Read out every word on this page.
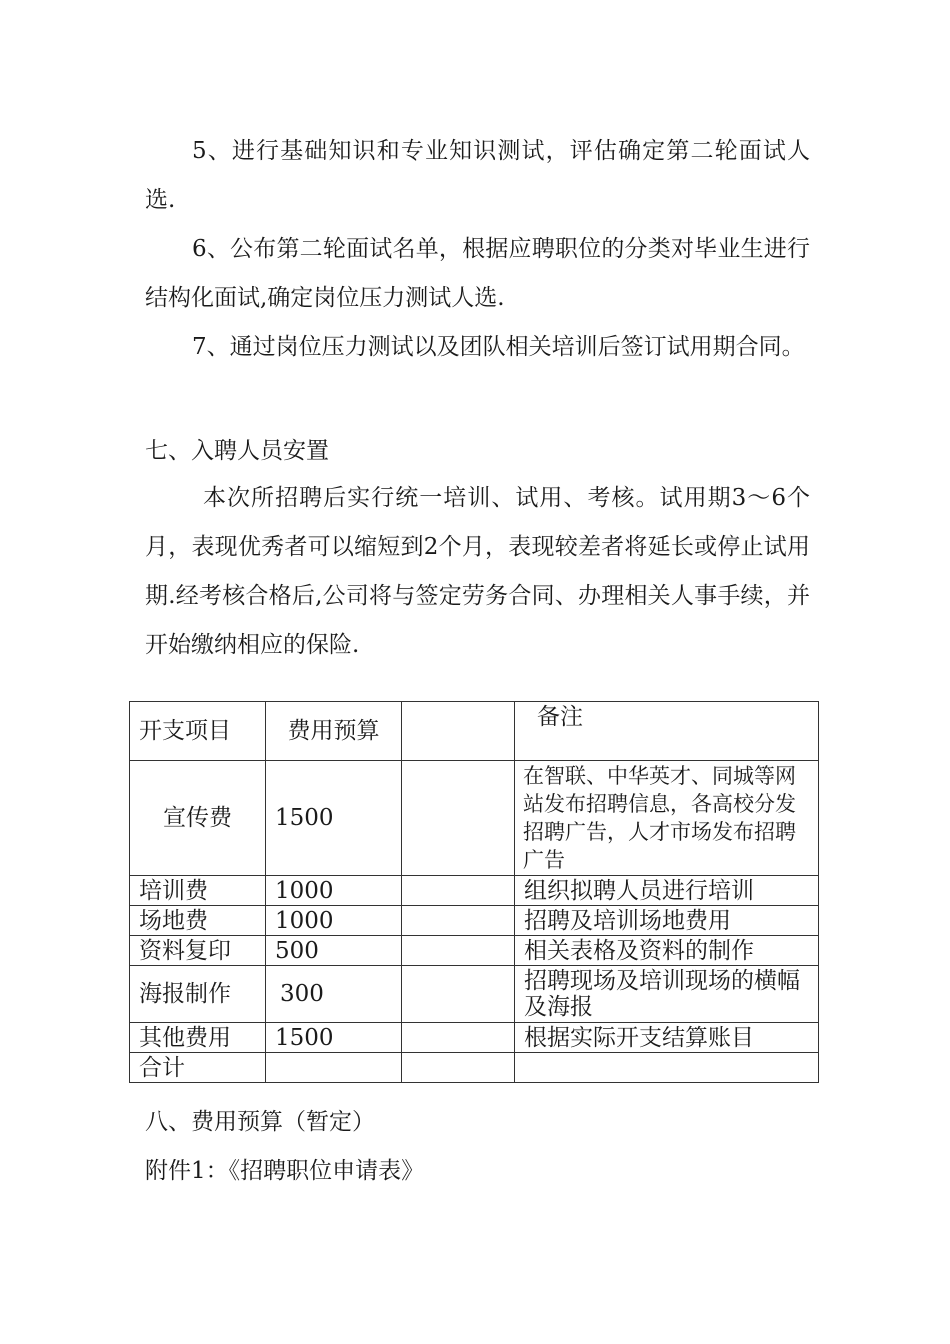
5、进行基础知识和专业知识测试，评估确定第二轮面试人选.

6、公布第二轮面试名单，根据应聘职位的分类对毕业生进行结构化面试,确定岗位压力测试人选.

7、通过岗位压力测试以及团队相关培训后签订试用期合同。

七、入聘人员安置

本次所招聘后实行统一培训、试用、考核。试用期3～6个月，表现优秀者可以缩短到2个月，表现较差者将延长或停止试用期.经考核合格后,公司将与签定劳务合同、办理相关人事手续，并开始缴纳相应的保险.

开支项目	费用预算		备注
宣传费	1500		在智联、中华英才、同城等网站发布招聘信息，各高校分发招聘广告，人才市场发布招聘广告
培训费	1000		组织拟聘人员进行培训
场地费	1000		招聘及培训场地费用
资料复印	500		相关表格及资料的制作
海报制作	300		招聘现场及培训现场的横幅及海报
其他费用	1500		根据实际开支结算账目
合计			
八、费用预算（暂定）

附件1：《招聘职位申请表》
